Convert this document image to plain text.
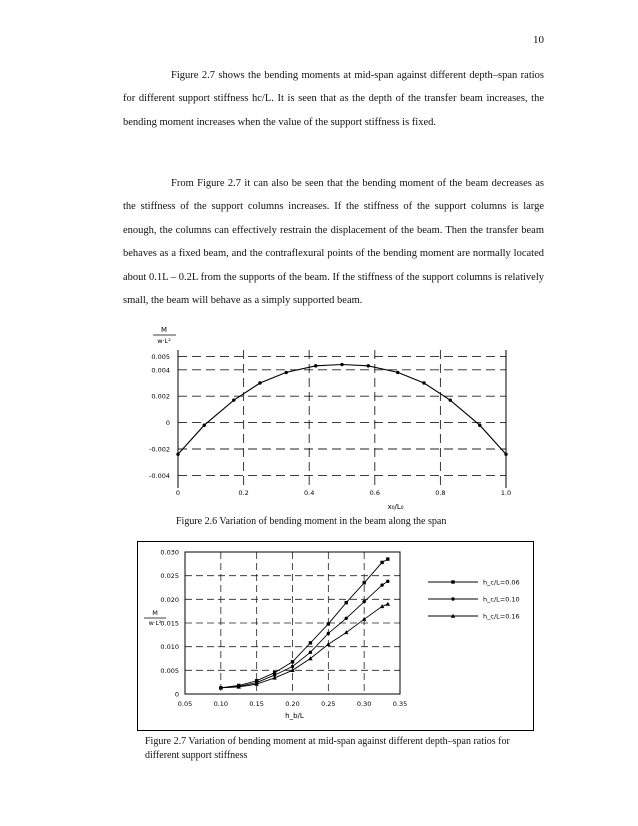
10

Figure 2.7 shows the bending moments at mid-span against different depth–span ratios for different support stiffness hc/L. It is seen that as the depth of the transfer beam increases, the bending moment increases when the value of the support stiffness is fixed.

From Figure 2.7 it can also be seen that the bending moment of the beam decreases as the stiffness of the support columns increases. If the stiffness of the support columns is large enough, the columns can effectively restrain the displacement of the beam. Then the transfer beam behaves as a fixed beam, and the contraflexural points of the bending moment are normally located about 0.1L – 0.2L from the supports of the beam. If the stiffness of the support columns is relatively small, the beam will behave as a simply supported beam.

M
w·L²
0.005
0.004
0.002
0
-0.002
-0.004
0	0.2	0.4	0.6	0.8	1.0
x₀/L₀
Figure 2.6 Variation of bending moment in the beam along the span
M
w·L²
0.030
0.025
0.020
0.015
0.010
0.005
0
0.05	0.10	0.15	0.20	0.25	0.30	0.35
h_b/L
h_c/L=0.06
h_c/L=0.10
h_c/L=0.16
Figure 2.7 Variation of bending moment at mid-span against different depth–span ratios for different support stiffness
